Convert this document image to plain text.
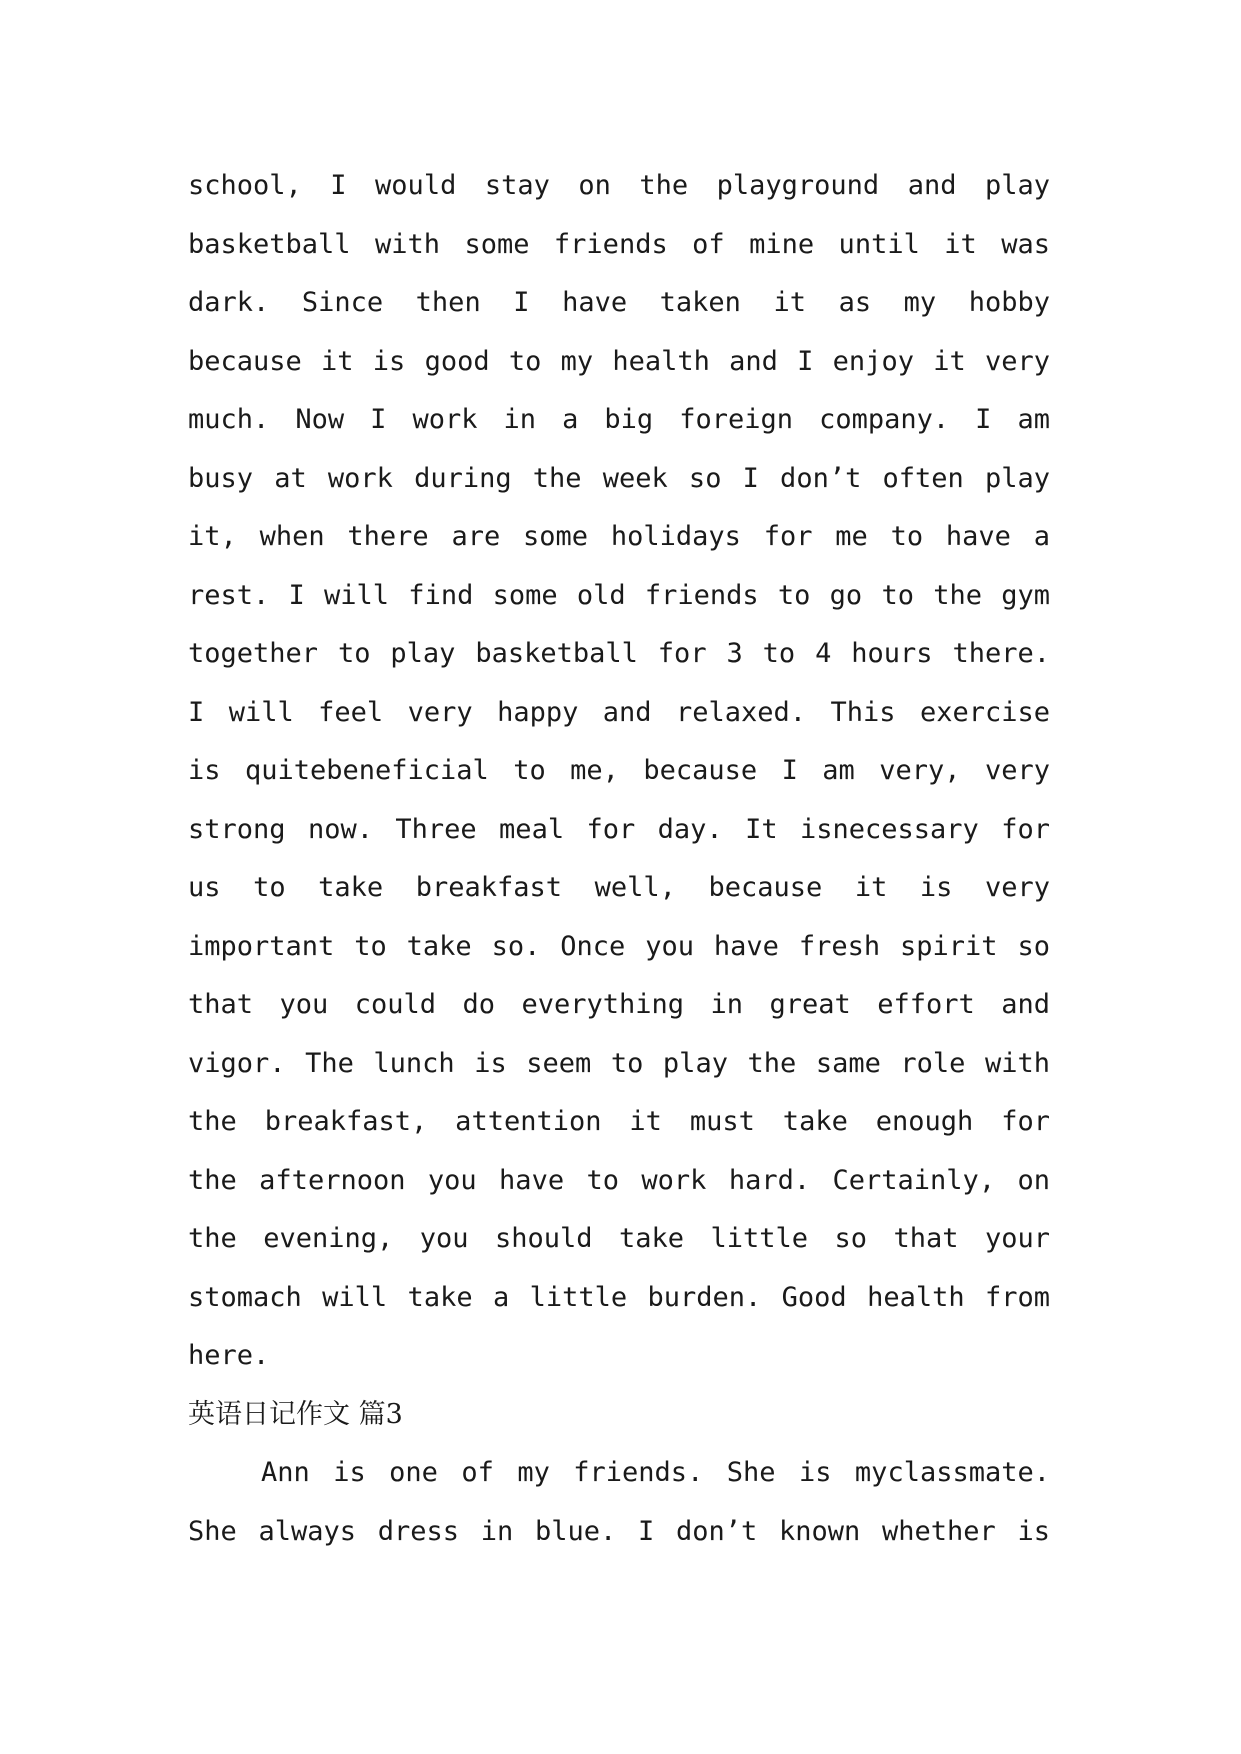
school, I would stay on the playground and play
basketball with some friends of mine until it was
dark. Since then I have taken it as my hobby
because it is good to my health and I enjoy it very
much. Now I work in a big foreign company. I am
busy at work during the week so I don’t often play
it, when there are some holidays for me to have a
rest. I will find some old friends to go to the gym
together to play basketball for 3 to 4 hours there.
I will feel very happy and relaxed. This exercise
is quitebeneficial to me, because I am very, very
strong now. Three meal for day. It isnecessary for
us to take breakfast well, because it is very
important to take so. Once you have fresh spirit so
that you could do everything in great effort and
vigor. The lunch is seem to play the same role with
the breakfast, attention it must take enough for
the afternoon you have to work hard. Certainly, on
the evening, you should take little so that your
stomach will take a little burden. Good health from
here.
英语日记作文 篇3
Ann is one of my friends. She is myclassmate.
She always dress in blue. I don’t known whether is
